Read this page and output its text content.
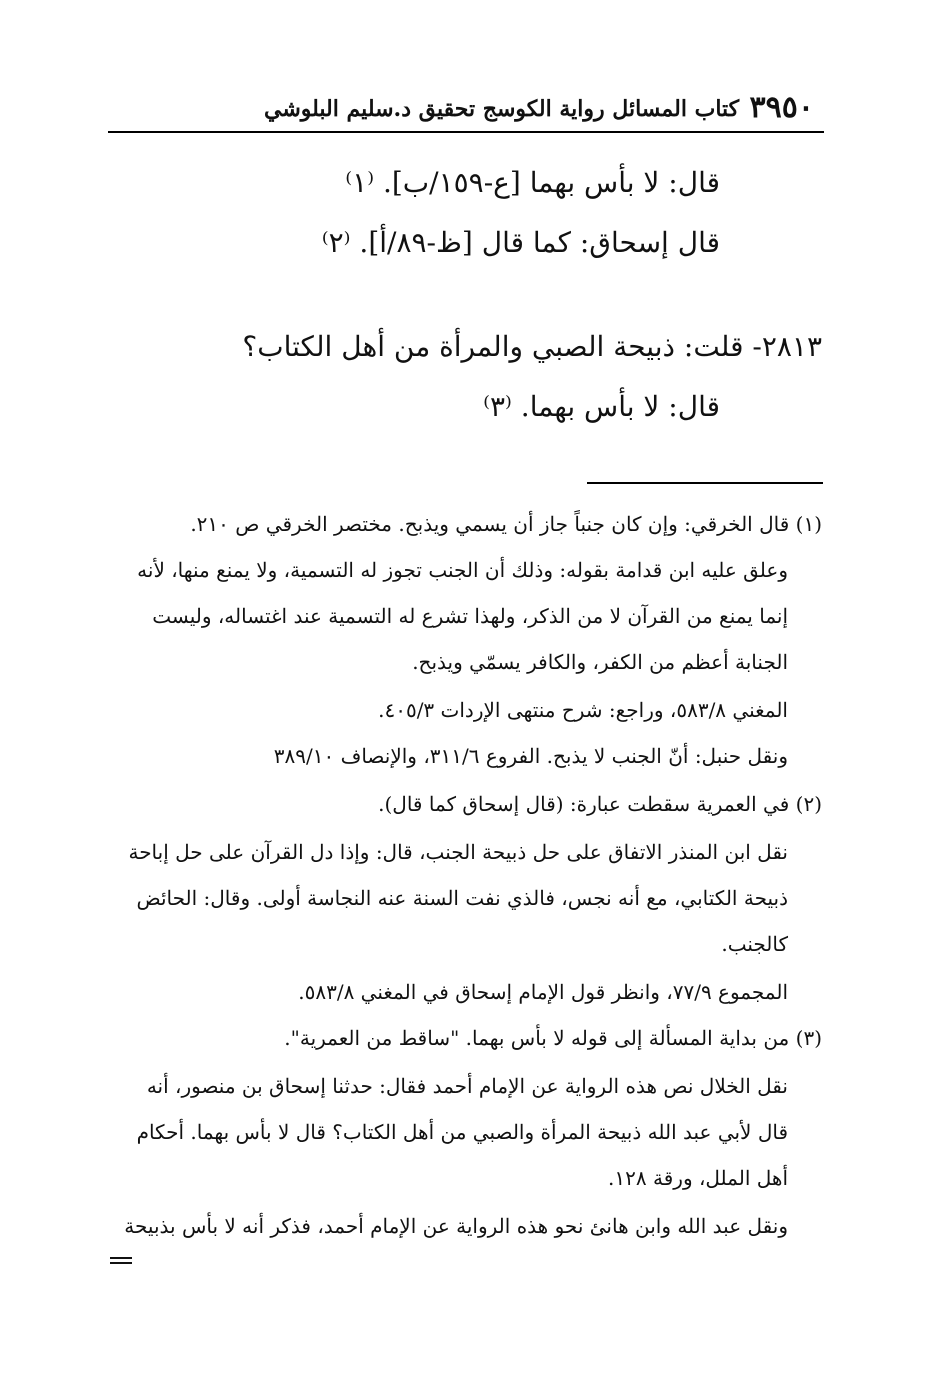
٣٩٥٠
كتاب المسائل رواية الكوسج تحقيق د.سليم البلوشي
قال: لا بأس بهما [ع-١٥٩/ب]. ⁽١⁾
قال إسحاق: كما قال [ظ-٨٩/أ]. ⁽٢⁾
٢٨١٣- قلت: ذبيحة الصبي والمرأة من أهل الكتاب؟
قال: لا بأس بهما. ⁽٣⁾
(١) قال الخرقي: وإن كان جنباً جاز أن يسمي ويذبح. مختصر الخرقي ص ٢١٠.
وعلق عليه ابن قدامة بقوله: وذلك أن الجنب تجوز له التسمية، ولا يمنع منها، لأنه
إنما يمنع من القرآن لا من الذكر، ولهذا تشرع له التسمية عند اغتساله، وليست
الجنابة أعظم من الكفر، والكافر يسمّي ويذبح.
المغني ٥٨٣/٨، وراجع: شرح منتهى الإردات ٤٠٥/٣.
ونقل حنبل: أنّ الجنب لا يذبح. الفروع ٣١١/٦، والإنصاف ٣٨٩/١٠
(٢) في العمرية سقطت عبارة: (قال إسحاق كما قال).
نقل ابن المنذر الاتفاق على حل ذبيحة الجنب، قال: وإذا دل القرآن على حل إباحة
ذبيحة الكتابي، مع أنه نجس، فالذي نفت السنة عنه النجاسة أولى. وقال: الحائض
كالجنب.
المجموع ٧٧/٩، وانظر قول الإمام إسحاق في المغني ٥٨٣/٨.
(٣) من بداية المسألة إلى قوله لا بأس بهما. "ساقط من العمرية".
نقل الخلال نص هذه الرواية عن الإمام أحمد فقال: حدثنا إسحاق بن منصور، أنه
قال لأبي عبد الله ذبيحة المرأة والصبي من أهل الكتاب؟ قال لا بأس بهما. أحكام
أهل الملل، ورقة ١٢٨.
ونقل عبد الله وابن هانئ نحو هذه الرواية عن الإمام أحمد، فذكر أنه لا بأس بذبيحة
